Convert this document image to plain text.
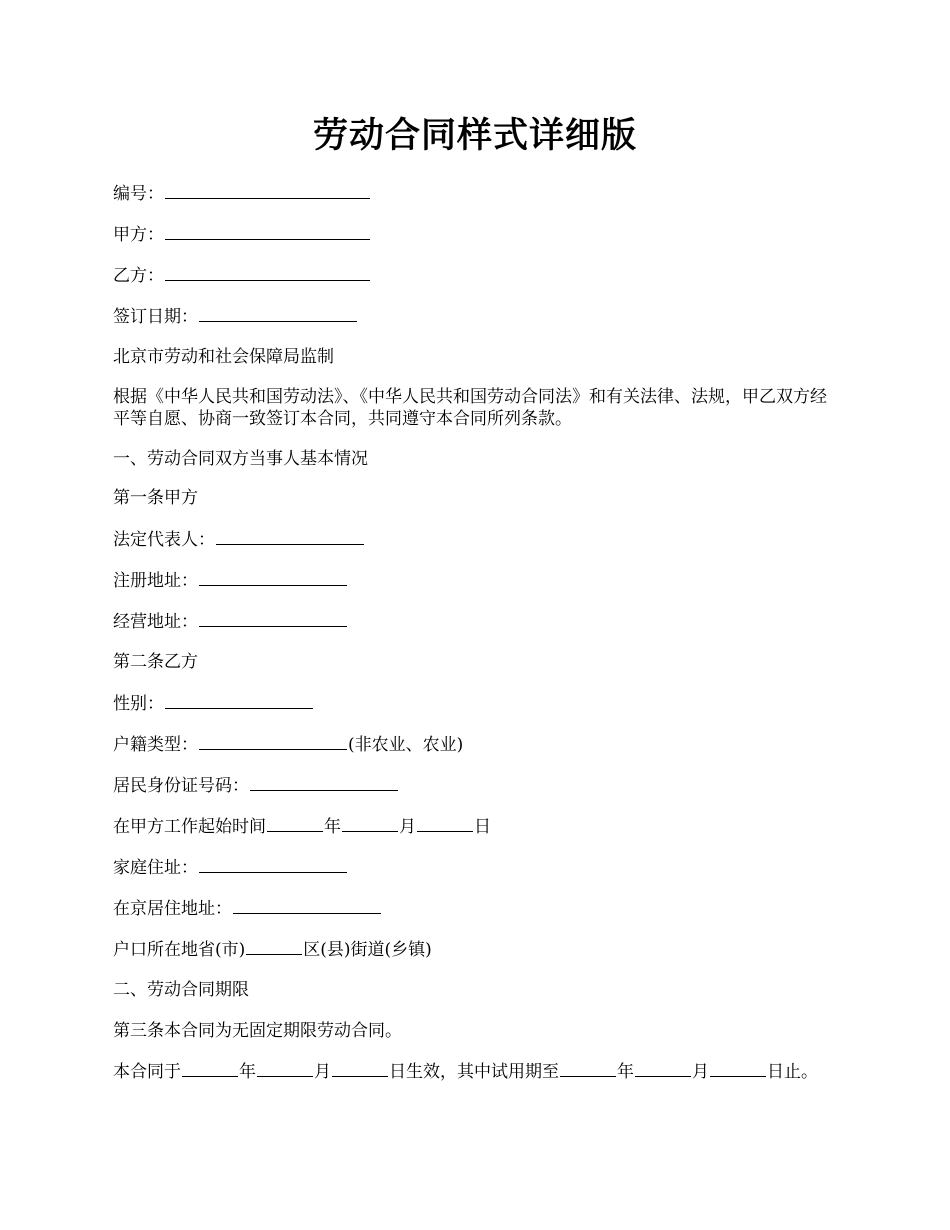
劳动合同样式详细版
编号：
甲方：
乙方：
签订日期：
北京市劳动和社会保障局监制
根据《中华人民共和国劳动法》、《中华人民共和国劳动合同法》和有关法律、法规，甲乙双方经平等自愿、协商一致签订本合同，共同遵守本合同所列条款。
一、劳动合同双方当事人基本情况
第一条甲方
法定代表人：
注册地址：
经营地址：
第二条乙方
性别：
户籍类型：	(非农业、农业)
居民身份证号码：
在甲方工作起始时间	年	月	日
家庭住址：
在京居住地址：
户口所在地省(市)	区(县)街道(乡镇)
二、劳动合同期限
第三条本合同为无固定期限劳动合同。
本合同于	年	月	日生效，其中试用期至	年	月	日止。
